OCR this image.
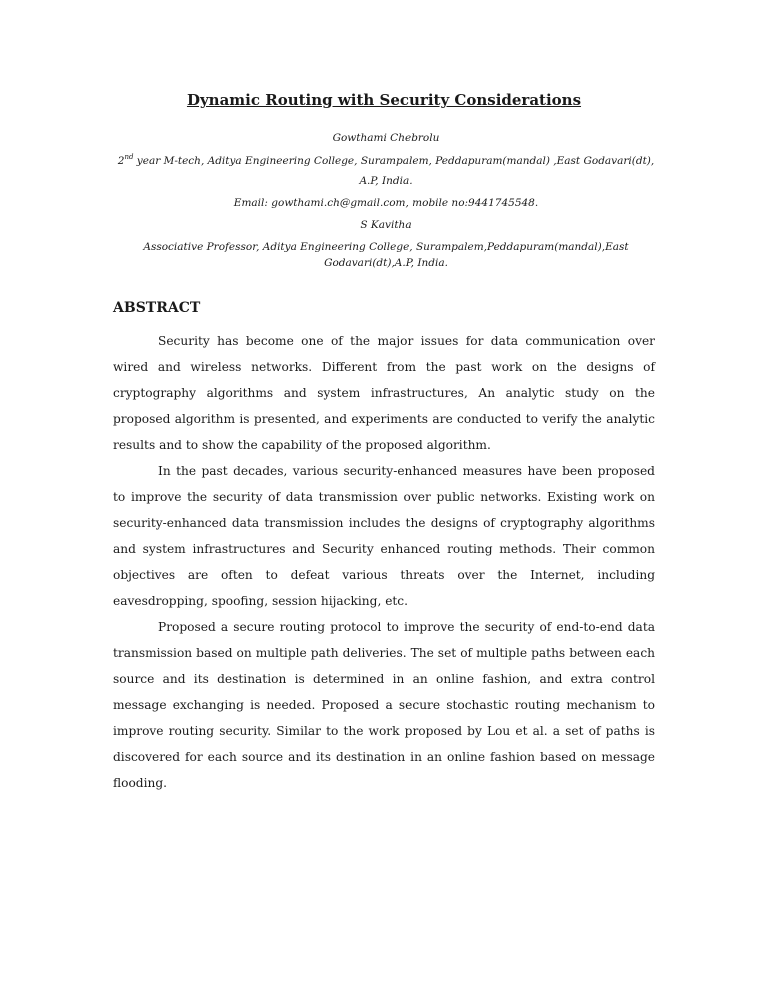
Dynamic Routing with Security Considerations
Gowthami Chebrolu
2nd year M-tech, Aditya Engineering College, Surampalem, Peddapuram(mandal) ,East Godavari(dt), A.P, India.
Email: gowthami.ch@gmail.com, mobile no:9441745548.
S Kavitha
Associative Professor, Aditya Engineering College, Surampalem,Peddapuram(mandal),East Godavari(dt),A.P, India.
ABSTRACT

Security has become one of the major issues for data communication over wired and wireless networks. Different from the past work on the designs of cryptography algorithms and system infrastructures, An analytic study on the proposed algorithm is presented, and experiments are conducted to verify the analytic results and to show the capability of the proposed algorithm.

In the past decades, various security-enhanced measures have been proposed to improve the security of data transmission over public networks. Existing work on security-enhanced data transmission includes the designs of cryptography algorithms and system infrastructures and Security enhanced routing methods. Their common objectives are often to defeat various threats over the Internet, including eavesdropping, spoofing, session hijacking, etc.

Proposed a secure routing protocol to improve the security of end-to-end data transmission based on multiple path deliveries. The set of multiple paths between each source and its destination is determined in an online fashion, and extra control message exchanging is needed. Proposed a secure stochastic routing mechanism to improve routing security. Similar to the work proposed by Lou et al. a set of paths is discovered for each source and its destination in an online fashion based on message flooding.
